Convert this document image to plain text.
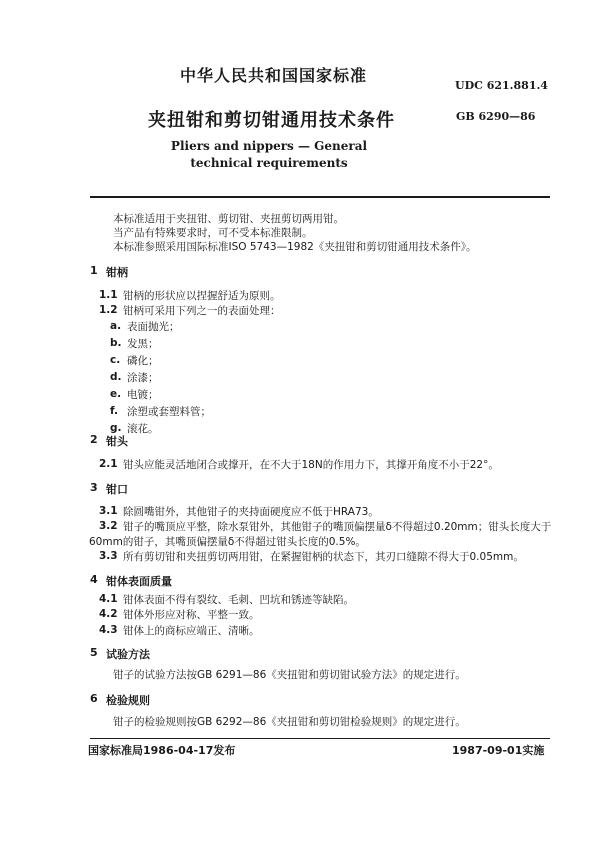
中华人民共和国国家标准
UDC 621.881.4
夹扭钳和剪切钳通用技术条件	GB 6290—86
Pliers and nippers — General technical requirements
本标准适用于夹扭钳、剪切钳、夹扭剪切两用钳。
当产品有特殊要求时，可不受本标准限制。
本标准参照采用国际标准ISO 5743—1982《夹扭钳和剪切钳通用技术条件》。
1 钳柄
1.1 钳柄的形状应以捏握舒适为原则。
1.2 钳柄可采用下列之一的表面处理：
a. 表面抛光；
b. 发黑；
c. 磷化；
d. 涂漆；
e. 电镀；
f. 涂塑或套塑料管；
g. 滚花。
2 钳头
2.1 钳头应能灵活地闭合或撑开，在不大于18N的作用力下，其撑开角度不小于22°。
3 钳口
3.1 除圆嘴钳外，其他钳子的夹持面硬度应不低于HRA73。
3.2 钳子的嘴顶应平整，除水泵钳外，其他钳子的嘴顶偏摆量δ不得超过0.20mm；钳头长度大于
60mm的钳子，其嘴顶偏摆量δ不得超过钳头长度的0.5%。
3.3 所有剪切钳和夹扭剪切两用钳，在紧握钳柄的状态下，其刃口缝隙不得大于0.05mm。
4 钳体表面质量
4.1 钳体表面不得有裂纹、毛刺、凹坑和锈迹等缺陷。
4.2 钳体外形应对称、平整一致。
4.3 钳体上的商标应端正、清晰。
5 试验方法
钳子的试验方法按GB 6291—86《夹扭钳和剪切钳试验方法》的规定进行。
6 检验规则
钳子的检验规则按GB 6292—86《夹扭钳和剪切钳检验规则》的规定进行。
国家标准局1986-04-17发布	1987-09-01实施
